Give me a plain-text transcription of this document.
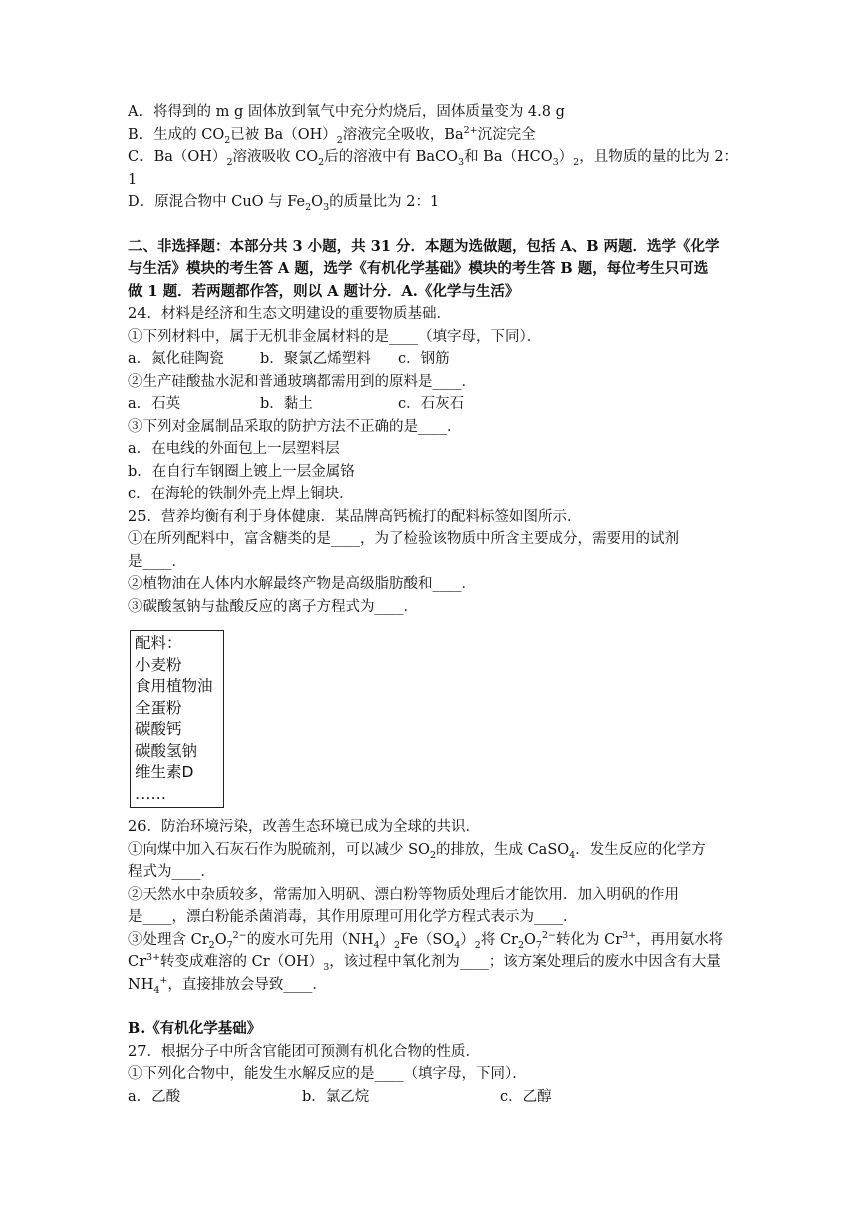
A．将得到的 m g 固体放到氧气中充分灼烧后，固体质量变为 4.8 g
B．生成的 $CO_2$已被 $Ba(OH)_2$溶液完全吸收，$Ba^{2+}$沉淀完全
C．$Ba(OH)_2$溶液吸收 $CO_2$后的溶液中有 BaCO$_3$和 $Ba(HCO_3)_2$，且物质的量的比为 2：
1
D．原混合物中 CuO 与 $Fe_2O_3$的质量比为 2：1
二、非选择题：本部分共 3 小题，共 31 分．本题为选做题，包括 A、B 两题．选学《化学
与生活》模块的考生答 A 题，选学《有机化学基础》模块的考生答 B 题，每位考生只可选
做 1 题．若两题都作答，则以 A 题计分．A.《化学与生活》
24．材料是经济和生态文明建设的重要物质基础．
①下列材料中，属于无机非金属材料的是____（填字母，下同）．
a．氮化硅陶瓷	b．聚氯乙烯塑料	c．钢筋
②生产硅酸盐水泥和普通玻璃都需用到的原料是____．
a．石英	b．黏土	c．石灰石
③下列对金属制品采取的防护方法不正确的是____．
a．在电线的外面包上一层塑料层
b．在自行车钢圈上镀上一层金属铬
c．在海轮的铁制外壳上焊上铜块．
25．营养均衡有利于身体健康．某品牌高钙梳打的配料标签如图所示．
①在所列配料中，富含糖类的是____，为了检验该物质中所含主要成分，需要用的试剂
是____．
②植物油在人体内水解最终产物是高级脂肪酸和____．
③碳酸氢钠与盐酸反应的离子方程式为____．
配料：
小麦粉
食用植物油
全蛋粉
碳酸钙
碳酸氢钠
维生素D
……
26．防治环境污染，改善生态环境已成为全球的共识．
①向煤中加入石灰石作为脱硫剂，可以减少 $SO_2$的排放，生成 CaSO$_4$．发生反应的化学方
程式为____．
②天然水中杂质较多，常需加入明矾、漂白粉等物质处理后才能饮用．加入明矾的作用
是____，漂白粉能杀菌消毒，其作用原理可用化学方程式表示为____．
③处理含 $Cr_2O_7^{2-}$的废水可先用$(NH_4)_2Fe(SO_4)_2$将 $Cr_2O_7^{2-}$转化为 $Cr^{3+}$，再用氨水将
$Cr^{3+}$转变成难溶的 $Cr(OH)_3$，该过程中氧化剂为____；该方案处理后的废水中因含有大量
$NH_4^+$，直接排放会导致____．
B.《有机化学基础》
27．根据分子中所含官能团可预测有机化合物的性质．
①下列化合物中，能发生水解反应的是____（填字母，下同）．
a．乙酸	b．氯乙烷	c．乙醇
